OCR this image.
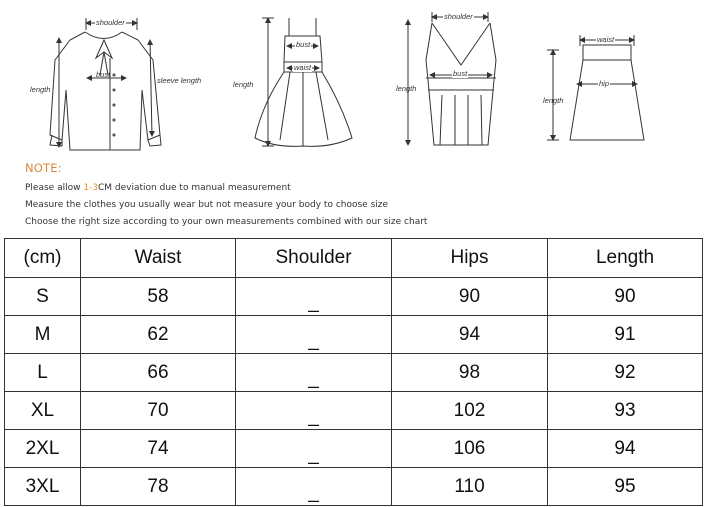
shoulder
bust
sleeve length
length
bust
waist
length
shoulder
bust
length
waist
hip
length
NOTE:
Please allow 1-3CM deviation due to manual measurement
Measure the clothes you usually wear but not measure your body to choose size
Choose the right size according to your own measurements combined with our size chart
(cm)	Waist	Shoulder	Hips	Length
S	58	_	90	90
M	62	_	94	91
L	66	_	98	92
XL	70	_	102	93
2XL	74	_	106	94
3XL	78	_	110	95
